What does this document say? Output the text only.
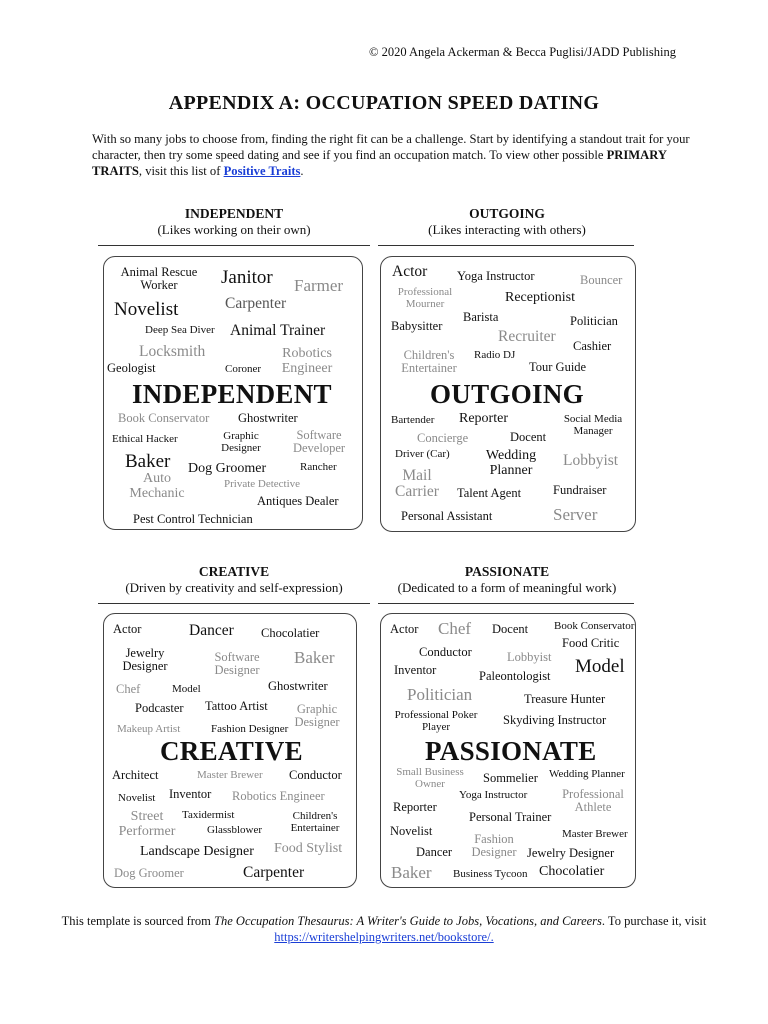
© 2020 Angela Ackerman & Becca Puglisi/JADD Publishing
APPENDIX A: OCCUPATION SPEED DATING
With so many jobs to choose from, finding the right fit can be a challenge. Start by identifying a standout trait for your character, then try some speed dating and see if you find an occupation match. To view other possible PRIMARY TRAITS, visit this list of Positive Traits.
INDEPENDENT
(Likes working on their own)
Animal Rescue Worker	Janitor Farmer
Novelist	Carpenter
Deep Sea Diver Animal Trainer
Locksmith	Robotics Engineer
Geologist	Coroner
INDEPENDENT
Book Conservator Ghostwriter
Ethical Hacker	Graphic Designer
Software Developer
Baker Dog Groomer	Rancher
Auto Mechanic
Private Detective
Antiques Dealer
Pest Control Technician
OUTGOING
(Likes interacting with others)
Actor Yoga Instructor	Bouncer
Professional Mourner	Receptionist
Babysitter
Barista	Politician
Recruiter
Cashier
Children's Entertainer
Radio DJ
Tour Guide
OUTGOING
Bartender Reporter	Social Media Manager
Concierge	Docent
Driver (Car)	Wedding Planner
Lobbyist
Mail Carrier	Talent Agent	Fundraiser
Personal Assistant	Server
CREATIVE
(Driven by creativity and self-expression)
Actor	Dancer Chocolatier
Jewelry Designer
Software Designer
Baker
Chef	Model	Ghostwriter
Podcaster Tattoo Artist Graphic Designer
Makeup Artist	Fashion Designer
CREATIVE
Architect	Master Brewer Conductor
Novelist Inventor Robotics Engineer
Taxidermist	Children's Entertainer
Street Performer	Glassblower
Landscape Designer Food Stylist
Dog Groomer	Carpenter
PASSIONATE
(Dedicated to a form of meaningful work)
Actor Chef Docent Book Conservator
Food Critic
Conductor	Lobbyist Model
Inventor	Paleontologist
Politician	Treasure Hunter
Professional Poker Player	Skydiving Instructor
PASSIONATE
Small Business Owner	Sommelier Wedding Planner
Yoga Instructor	Professional Athlete
Reporter
Personal Trainer
Novelist
Fashion Designer
Master Brewer
Dancer	Jewelry Designer
Baker Business Tycoon Chocolatier
This template is sourced from The Occupation Thesaurus: A Writer's Guide to Jobs, Vocations, and Careers. To purchase it, visit
https://writershelpingwriters.net/bookstore/.
